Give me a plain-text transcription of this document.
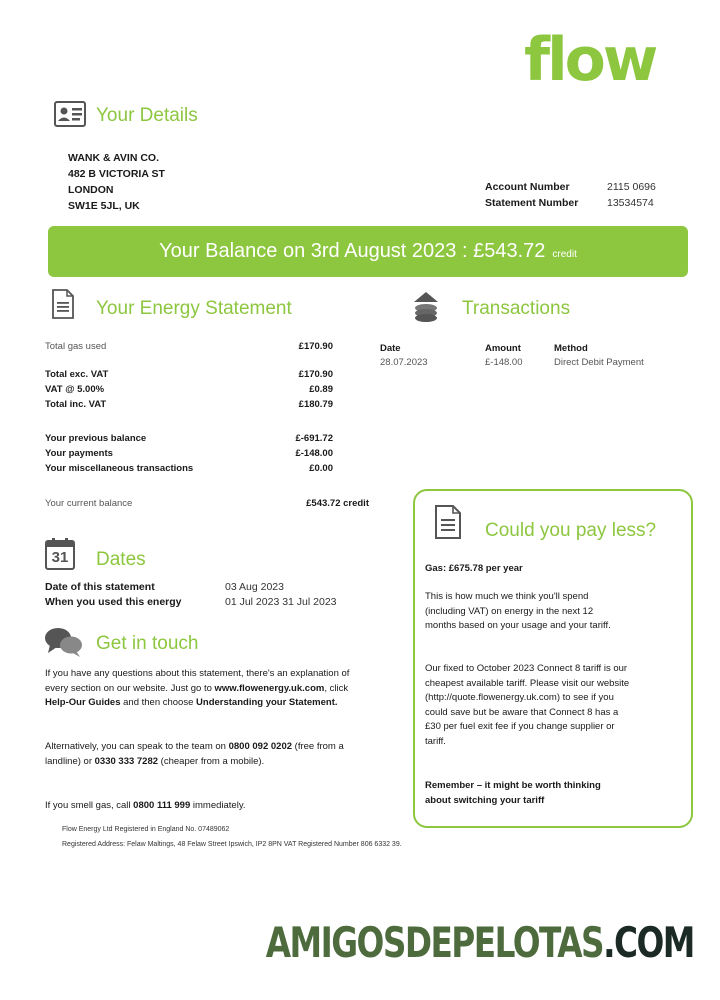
flow
Your Details
WANK & AVIN CO.
482 B VICTORIA ST
LONDON
SW1E 5JL, UK
Account Number	2115 0696
Statement Number	13534574
Your Balance on 3rd August 2023 : £543.72 credit
Your Energy Statement
Total gas used	£170.90
Total exc. VAT	£170.90
VAT @ 5.00%	£0.89
Total inc. VAT	£180.79
Your previous balance	£-691.72
Your payments	£-148.00
Your miscellaneous transactions	£0.00
Your current balance	£543.72 credit
Transactions
Date	Amount	Method
28.07.2023	£-148.00	Direct Debit Payment
31	Dates
Date of this statement	03 Aug 2023
When you used this energy	01 Jul 2023 31 Jul 2023
Get in touch
If you have any questions about this statement, there's an explanation of every section on our website. Just go to www.flowenergy.uk.com, click Help-Our Guides and then choose Understanding your Statement.
Alternatively, you can speak to the team on 0800 092 0202 (free from a landline) or 0330 333 7282 (cheaper from a mobile).
If you smell gas, call 0800 111 999 immediately.
Could you pay less?
Gas: £675.78 per year
This is how much we think you'll spend (including VAT) on energy in the next 12 months based on your usage and your tariff.
Our fixed to October 2023 Connect 8 tariff is our cheapest available tariff. Please visit our website (http://quote.flowenergy.uk.com) to see if you could save but be aware that Connect 8 has a £30 per fuel exit fee if you change supplier or tariff.
Remember – it might be worth thinking about switching your tariff
Flow Energy Ltd Registered in England No. 07489062
Registered Address: Felaw Maltings, 48 Felaw Street Ipswich, IP2 8PN VAT Registered Number 806 6332 39.
AMIGOSDEPELOTAS.COM
